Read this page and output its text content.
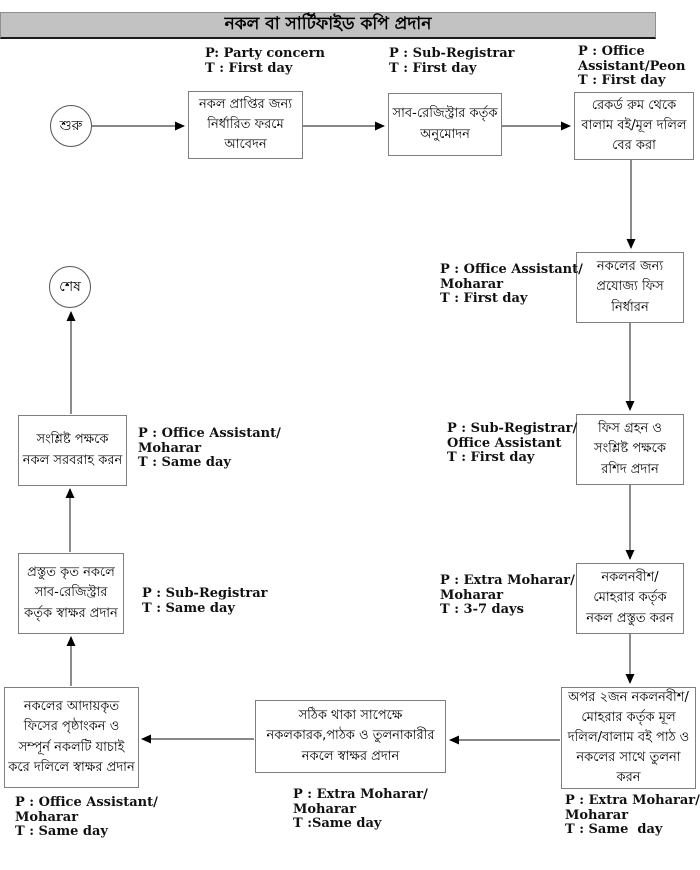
নকল বা সার্টিফাইড কপি প্রদান
শুরু
শেষ
নকল প্রাপ্তির জন্য নির্ধারিত ফরমে আবেদন
সাব-রেজিস্ট্রার কর্তৃক অনুমোদন
রেকর্ড রুম থেকে বালাম বই/মূল দলিল বের করা
নকলের জন্য প্রযোজ্য ফিস নির্ধারন
ফিস গ্রহন ও সংশ্লিষ্ট পক্ষকে রশিদ প্রদান
নকলনবীশ/ মোহরার কর্তৃক নকল প্রস্তুত করন
অপর ২জন নকলনবীশ/ মোহরার কর্তৃক মূল দলিল/বালাম বই পাঠ ও নকলের সাথে তুলনা করন
সঠিক থাকা সাপেক্ষে নকলকারক,পাঠক ও তুলনাকারীর নকলে স্বাক্ষর প্রদান
নকলের আদায়কৃত ফিসের পৃষ্ঠাংকন ও সম্পূর্ন নকলটি যাচাই করে দলিলে স্বাক্ষর প্রদান
প্রস্তুত কৃত নকলে সাব-রেজিস্ট্রার কর্তৃক স্বাক্ষর প্রদান
সংশ্লিষ্ট পক্ষকে নকল সরবরাহ করন
P: Party concern
T : First day
P : Sub-Registrar
T : First day
P : Office
Assistant/Peon
T : First day
P : Office Assistant/
Moharar
T : First day
P : Sub-Registrar/
Office Assistant
T : First day
P : Extra Moharar/
Moharar
T : 3-7 days
P : Extra Moharar/
Moharar
T : Same  day
P : Extra Moharar/
Moharar
T :Same day
P : Office Assistant/
Moharar
T : Same day
P : Sub-Registrar
T : Same day
P : Office Assistant/
Moharar
T : Same day
